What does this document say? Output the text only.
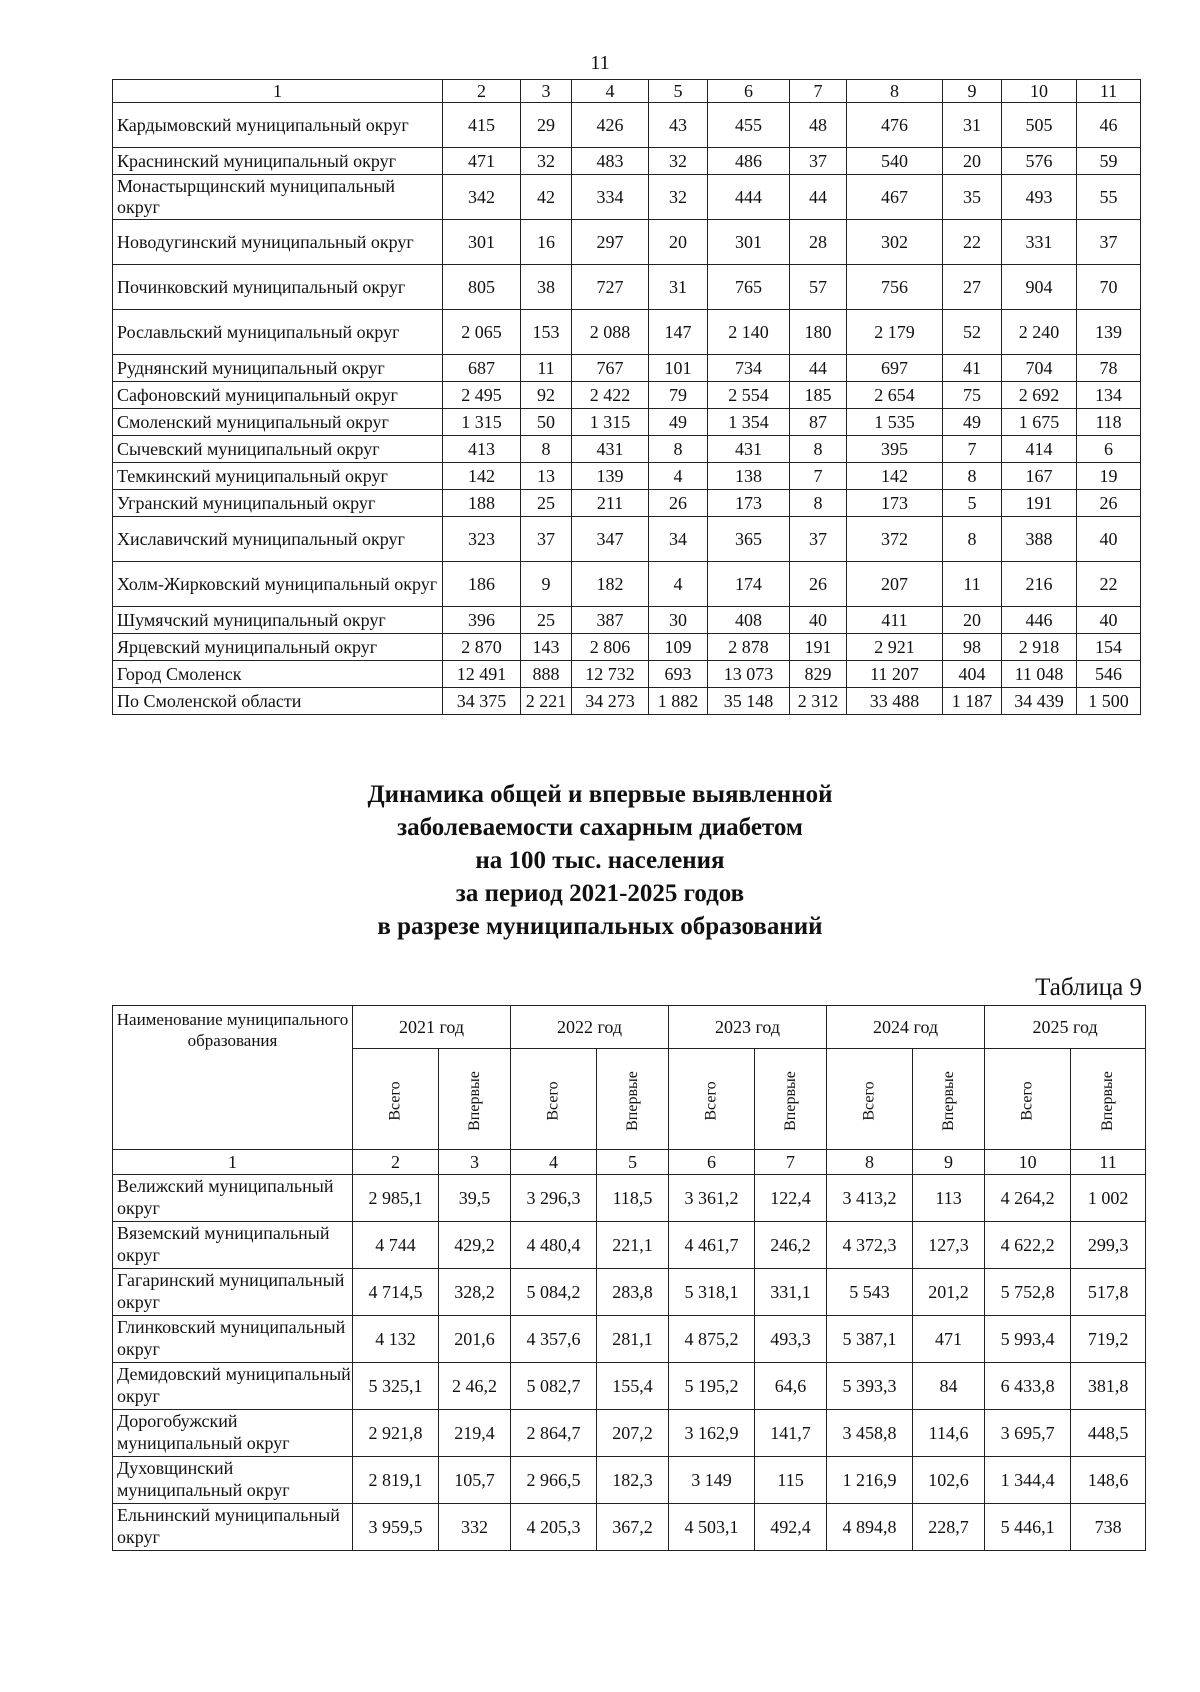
11
1	2	3	4	5	6	7	8	9	10	11
Кардымовский муниципальный округ	415	29	426	43	455	48	476	31	505	46
Краснинский муниципальный округ	471	32	483	32	486	37	540	20	576	59
Монастырщинский муниципальный округ	342	42	334	32	444	44	467	35	493	55
Новодугинский муниципальный округ	301	16	297	20	301	28	302	22	331	37
Починковский муниципальный округ	805	38	727	31	765	57	756	27	904	70
Рославльский муниципальный округ	2 065	153	2 088	147	2 140	180	2 179	52	2 240	139
Руднянский муниципальный округ	687	11	767	101	734	44	697	41	704	78
Сафоновский муниципальный округ	2 495	92	2 422	79	2 554	185	2 654	75	2 692	134
Смоленский муниципальный округ	1 315	50	1 315	49	1 354	87	1 535	49	1 675	118
Сычевский муниципальный округ	413	8	431	8	431	8	395	7	414	6
Темкинский муниципальный округ	142	13	139	4	138	7	142	8	167	19
Угранский муниципальный округ	188	25	211	26	173	8	173	5	191	26
Хиславичский муниципальный округ	323	37	347	34	365	37	372	8	388	40
Холм-Жирковский муниципальный округ	186	9	182	4	174	26	207	11	216	22
Шумячский муниципальный округ	396	25	387	30	408	40	411	20	446	40
Ярцевский муниципальный округ	2 870	143	2 806	109	2 878	191	2 921	98	2 918	154
Город Смоленск	12 491	888	12 732	693	13 073	829	11 207	404	11 048	546
По Смоленской области	34 375	2 221	34 273	1 882	35 148	2 312	33 488	1 187	34 439	1 500
Динамика общей и впервые выявленной
заболеваемости сахарным диабетом
на 100 тыс. населения
за период 2021-2025 годов
в разрезе муниципальных образований
Таблица 9
Наименование муниципального образования	2021 год		2022 год		2023 год		2024 год		2025 год	
	Всего	Впервые	Всего	Впервые	Всего	Впервые	Всего	Впервые	Всего	Впервые
1	2	3	4	5	6	7	8	9	10	11
Велижский муниципальный округ	2 985,1	39,5	3 296,3	118,5	3 361,2	122,4	3 413,2	113	4 264,2	1 002
Вяземский муниципальный округ	4 744	429,2	4 480,4	221,1	4 461,7	246,2	4 372,3	127,3	4 622,2	299,3
Гагаринский муниципальный округ	4 714,5	328,2	5 084,2	283,8	5 318,1	331,1	5 543	201,2	5 752,8	517,8
Глинковский муниципальный округ	4 132	201,6	4 357,6	281,1	4 875,2	493,3	5 387,1	471	5 993,4	719,2
Демидовский муниципальный округ	5 325,1	2 46,2	5 082,7	155,4	5 195,2	64,6	5 393,3	84	6 433,8	381,8
Дорогобужский муниципальный округ	2 921,8	219,4	2 864,7	207,2	3 162,9	141,7	3 458,8	114,6	3 695,7	448,5
Духовщинский муниципальный округ	2 819,1	105,7	2 966,5	182,3	3 149	115	1 216,9	102,6	1 344,4	148,6
Ельнинский муниципальный округ	3 959,5	332	4 205,3	367,2	4 503,1	492,4	4 894,8	228,7	5 446,1	738
